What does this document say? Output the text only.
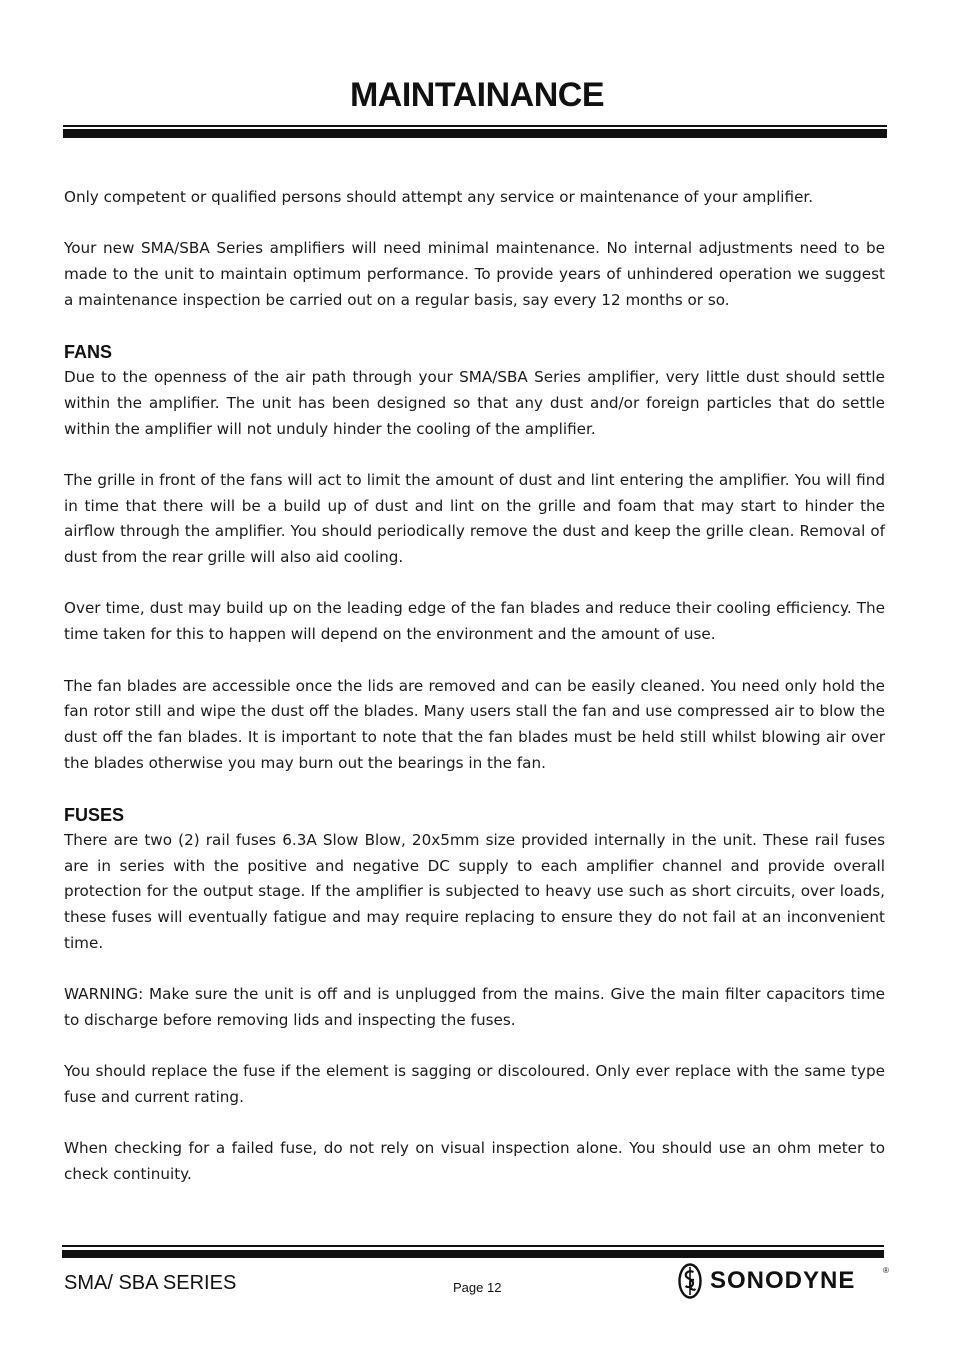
MAINTAINANCE

Only competent or qualified persons should attempt any service or maintenance of your amplifier.

Your new SMA/SBA Series amplifiers will need minimal maintenance. No internal adjustments need to be made to the unit to maintain optimum performance. To provide years of unhindered operation we suggest a maintenance inspection be carried out on a regular basis, say every 12 months or so.

FANS

Due to the openness of the air path through your SMA/SBA Series amplifier, very little dust should settle within the amplifier. The unit has been designed so that any dust and/or foreign particles that do settle within the amplifier will not unduly hinder the cooling of the amplifier.

The grille in front of the fans will act to limit the amount of dust and lint entering the amplifier. You will find in time that there will be a build up of dust and lint on the grille and foam that may start to hinder the airflow through the amplifier. You should periodically remove the dust and keep the grille clean. Removal of dust from the rear grille will also aid cooling.

Over time, dust may build up on the leading edge of the fan blades and reduce their cooling efficiency. The time taken for this to happen will depend on the environment and the amount of use.

The fan blades are accessible once the lids are removed and can be easily cleaned. You need only hold the fan rotor still and wipe the dust off the blades. Many users stall the fan and use compressed air to blow the dust off the fan blades. It is important to note that the fan blades must be held still whilst blowing air over the blades otherwise you may burn out the bearings in the fan.

FUSES

There are two (2) rail fuses 6.3A Slow Blow, 20x5mm size provided internally in the unit. These rail fuses are in series with the positive and negative DC supply to each amplifier channel and provide overall protection for the output stage. If the amplifier is subjected to heavy use such as short circuits, over loads, these fuses will eventually fatigue and may require replacing to ensure they do not fail at an inconvenient time.

WARNING: Make sure the unit is off and is unplugged from the mains. Give the main filter capacitors time to discharge before removing lids and inspecting the fuses.

You should replace the fuse if the element is sagging or discoloured. Only ever replace with the same type fuse and current rating.

When checking for a failed fuse, do not rely on visual inspection alone. You should use an ohm meter to check continuity.

SMA/ SBA SERIES	Page 12	SONODYNE	®
